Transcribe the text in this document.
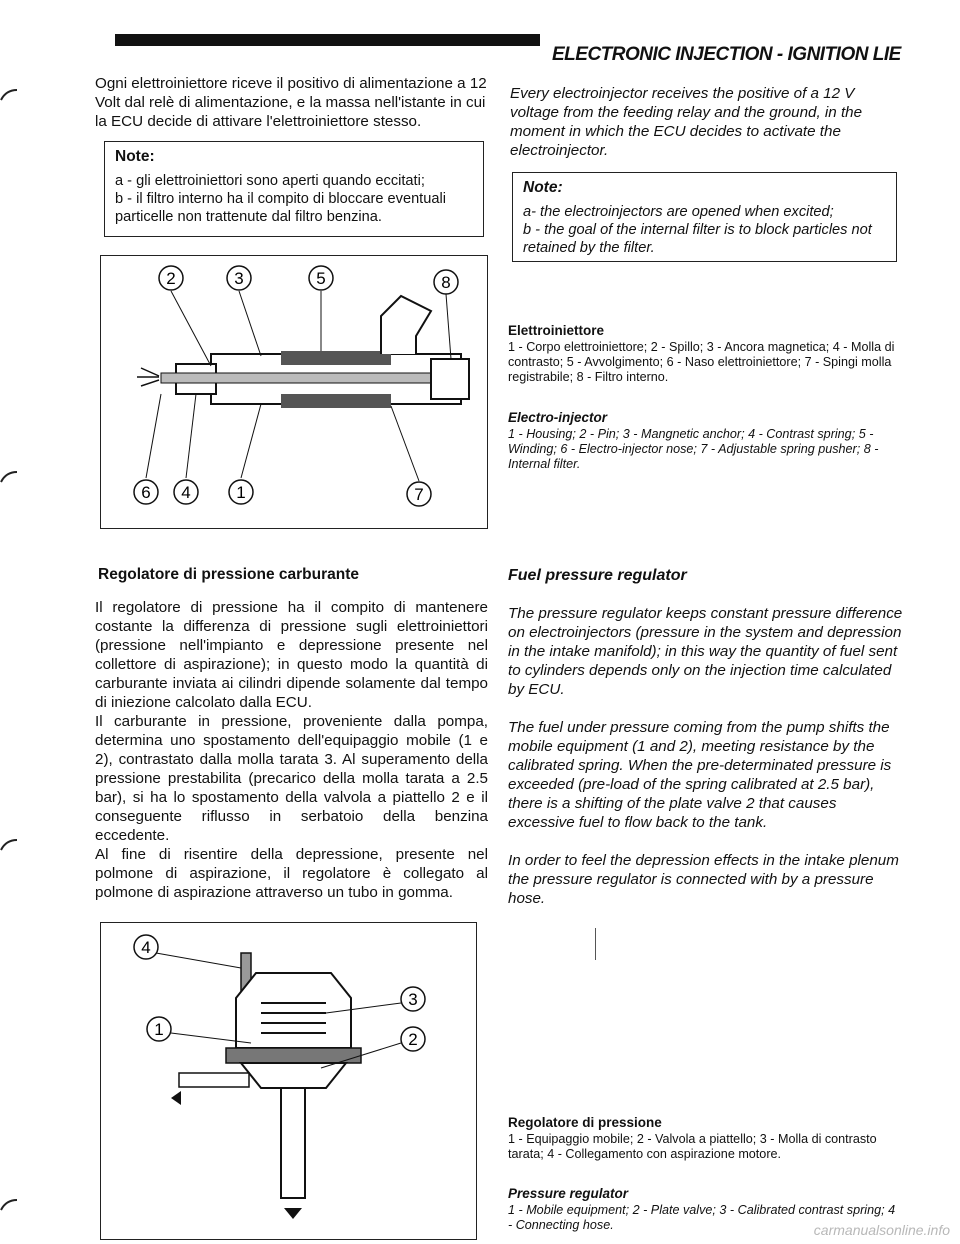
ELECTRONIC INJECTION - IGNITION LIE

Ogni elettroiniettore riceve il positivo di alimentazione a 12 Volt dal relè di alimentazione, e la massa nell'istante in cui la ECU decide di attivare l'elettroiniettore stesso.

Note:

a - gli elettroiniettori sono aperti quando eccitati;

b - il filtro interno ha il compito di bloccare eventuali particelle non trattenute dal filtro benzina.

2	3	5	8
6 4	1	7
Regolatore di pressione carburante

Il regolatore di pressione ha il compito di mantenere costante la differenza di pressione sugli elettroiniettori (pressione nell'impianto e depressione presente nel collettore di aspirazione); in questo modo la quantità di carburante inviata ai cilindri dipende solamente dal tempo di iniezione calcolato dalla ECU.

Il carburante in pressione, proveniente dalla pompa, determina uno spostamento dell'equipaggio mobile (1 e 2), contrastato dalla molla tarata 3. Al superamento della pressione prestabilita (precarico della molla tarata a 2.5 bar), si ha lo spostamento della valvola a piattello 2 e il conseguente riflusso in serbatoio della benzina eccedente.

Al fine di risentire della depressione, presente nel polmone di aspirazione, il regolatore è collegato al polmone di aspirazione attraverso un tubo in gomma.

4
3
1
2

Every electroinjector receives the positive of a 12 V voltage from the feeding relay and the ground, in the moment in which the ECU decides to activate the electroinjector.

Note:

a- the electroinjectors are opened when excited;

b - the goal of the internal filter is to block particles not retained by the filter.

Elettroiniettore
1 - Corpo elettroiniettore; 2 - Spillo; 3 - Ancora magnetica; 4 - Molla di contrasto; 5 - Avvolgimento; 6 - Naso elettroiniettore; 7 - Spingi molla registrabile; 8 - Filtro interno.
Electro-injector
1 - Housing; 2 - Pin; 3 - Mangnetic anchor; 4 - Contrast spring; 5 - Winding; 6 - Electro-injector nose; 7 - Adjustable spring pusher; 8 - Internal filter.
Fuel pressure regulator

The pressure regulator keeps constant pressure difference on electroinjectors (pressure in the system and depression in the intake manifold); in this way the quantity of fuel sent to cylinders depends only on the injection time calculated by ECU.

The fuel under pressure coming from the pump shifts the mobile equipment (1 and 2), meeting resistance by the calibrated spring. When the pre-determinated pressure is exceeded (pre-load of the spring calibrated at 2.5 bar), there is a shifting of the plate valve 2 that causes excessive fuel to flow back to the tank.

In order to feel the depression effects in the intake plenum the pressure regulator is connected with by a pressure hose.

Regolatore di pressione
1 - Equipaggio mobile; 2 - Valvola a piattello; 3 - Molla di contrasto tarata; 4 - Collegamento con aspirazione motore.
Pressure regulator
1 - Mobile equipment; 2 - Plate valve; 3 - Calibrated contrast spring; 4 - Connecting hose.	carmanualsonline.info
